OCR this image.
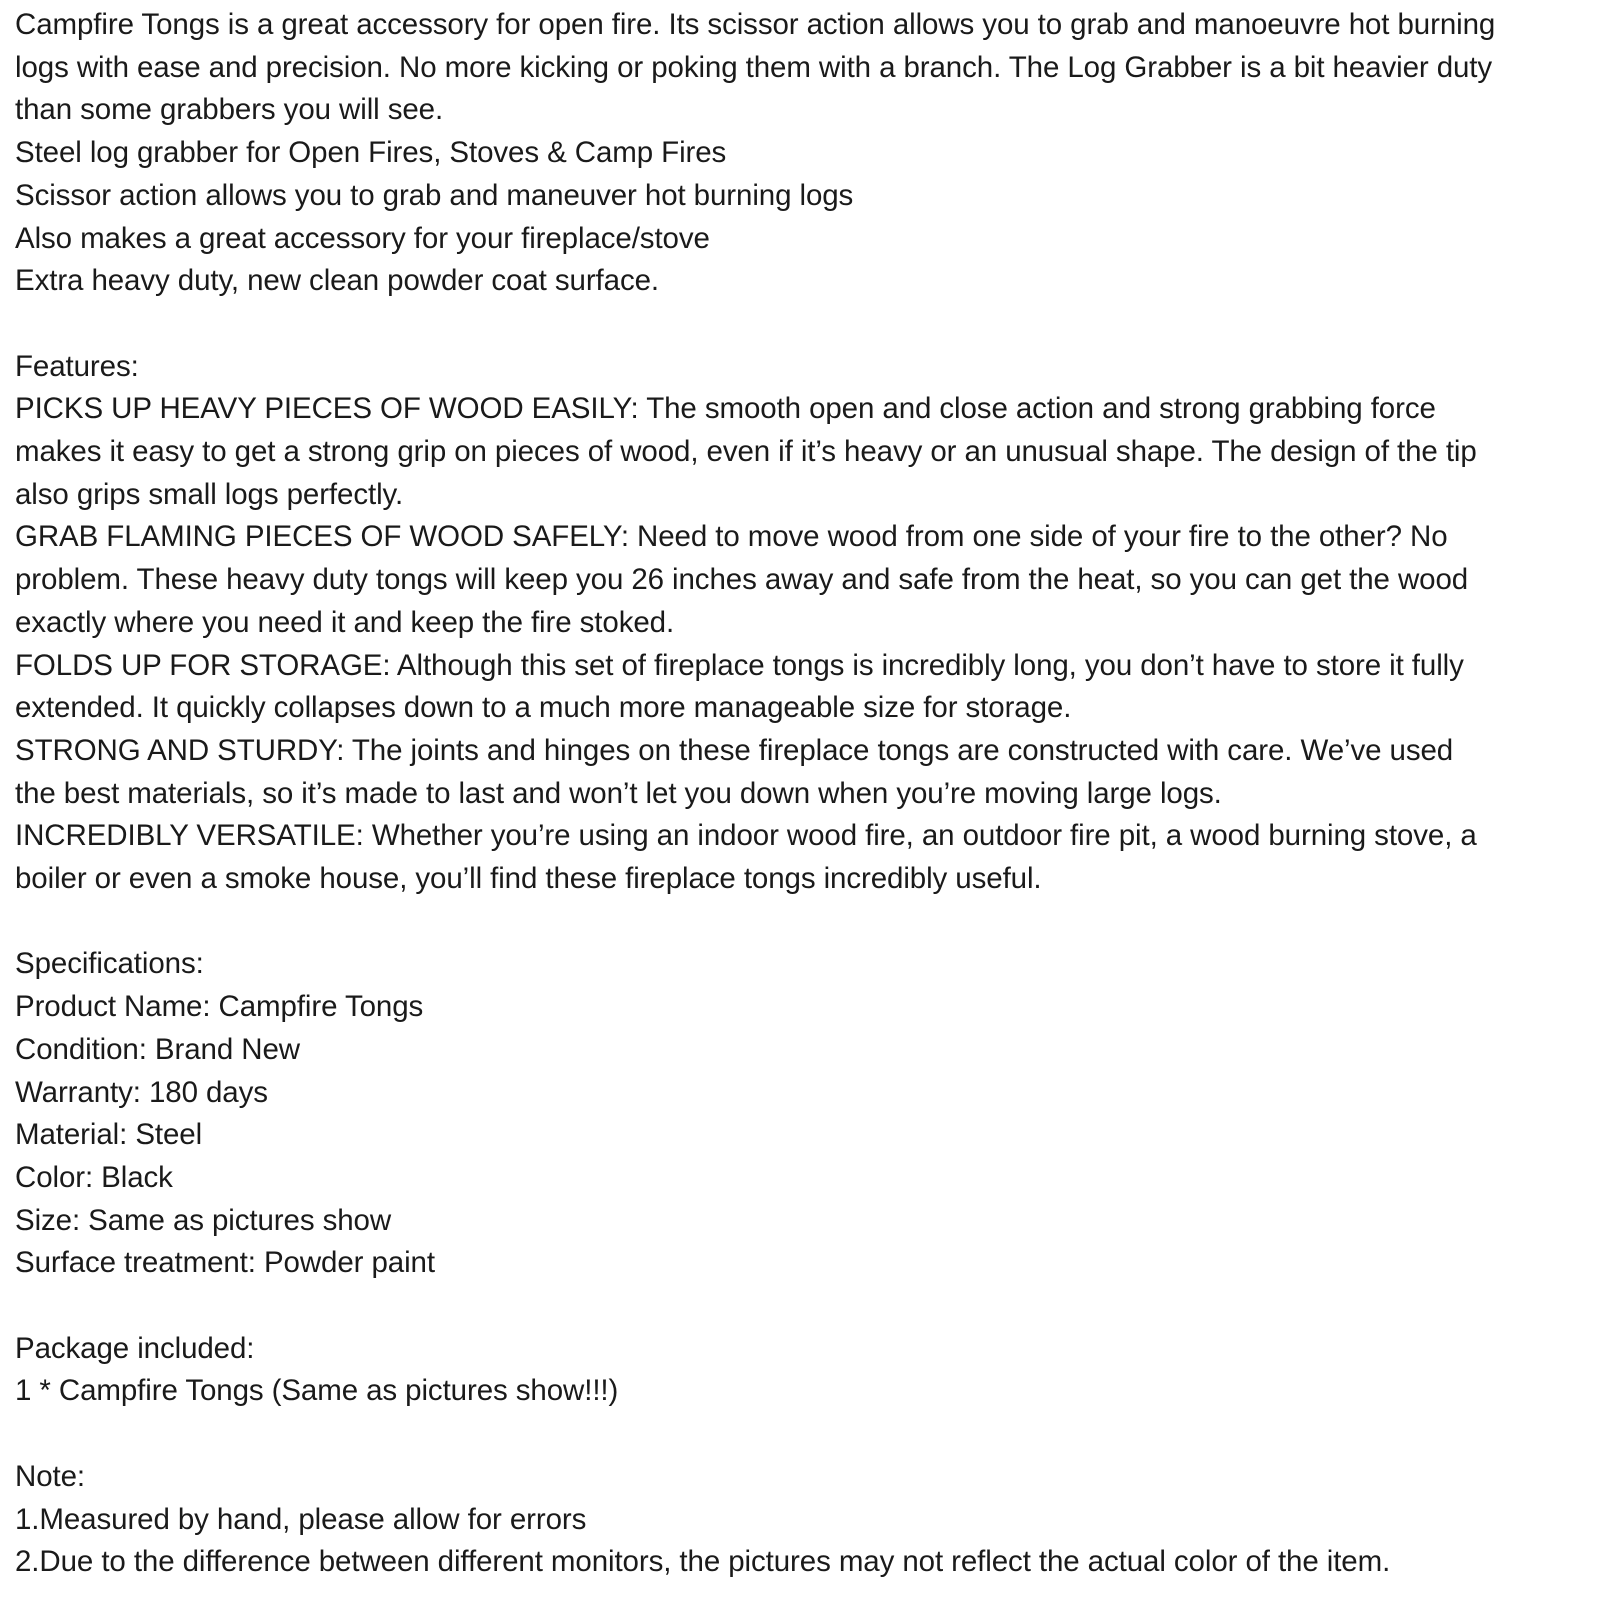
Campfire Tongs is a great accessory for open fire. Its scissor action allows you to grab and manoeuvre hot burning
logs with ease and precision. No more kicking or poking them with a branch. The Log Grabber is a bit heavier duty
than some grabbers you will see.
Steel log grabber for Open Fires, Stoves & Camp Fires
Scissor action allows you to grab and maneuver hot burning logs
Also makes a great accessory for your fireplace/stove
Extra heavy duty, new clean powder coat surface.
Features:
PICKS UP HEAVY PIECES OF WOOD EASILY: The smooth open and close action and strong grabbing force
makes it easy to get a strong grip on pieces of wood, even if it’s heavy or an unusual shape. The design of the tip
also grips small logs perfectly.
GRAB FLAMING PIECES OF WOOD SAFELY: Need to move wood from one side of your fire to the other? No
problem. These heavy duty tongs will keep you 26 inches away and safe from the heat, so you can get the wood
exactly where you need it and keep the fire stoked.
FOLDS UP FOR STORAGE: Although this set of fireplace tongs is incredibly long, you don’t have to store it fully
extended. It quickly collapses down to a much more manageable size for storage.
STRONG AND STURDY: The joints and hinges on these fireplace tongs are constructed with care. We’ve used
the best materials, so it’s made to last and won’t let you down when you’re moving large logs.
INCREDIBLY VERSATILE: Whether you’re using an indoor wood fire, an outdoor fire pit, a wood burning stove, a
boiler or even a smoke house, you’ll find these fireplace tongs incredibly useful.
Specifications:
Product Name: Campfire Tongs
Condition: Brand New
Warranty: 180 days
Material: Steel
Color: Black
Size: Same as pictures show
Surface treatment: Powder paint
Package included:
1 * Campfire Tongs (Same as pictures show!!!)
Note:
1.Measured by hand, please allow for errors
2.Due to the difference between different monitors, the pictures may not reflect the actual color of the item.
